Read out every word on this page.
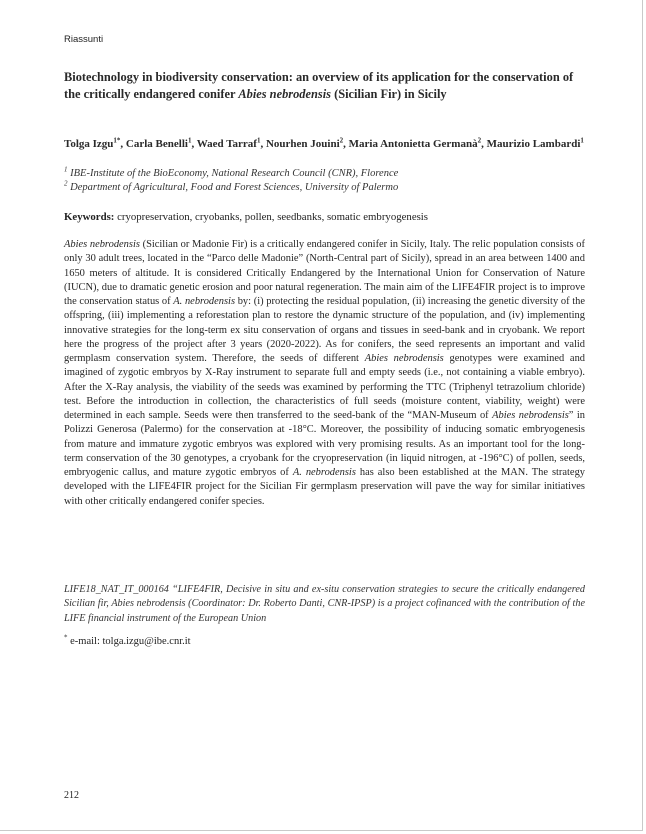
Riassunti
Biotechnology in biodiversity conservation: an overview of its application for the conservation of the critically endangered conifer Abies nebrodensis (Sicilian Fir) in Sicily

Tolga Izgu$^{1*}$, Carla Benelli$^1$, Waed Tarraf$^1$, Nourhen Jouini$^2$, Maria Antonietta Germanà$^2$, Maurizio Lambardi$^1$

$^1$ IBE-Institute of the BioEconomy, National Research Council (CNR), Florence

$^2$ Department of Agricultural, Food and Forest Sciences, University of Palermo

Keywords: cryopreservation, cryobanks, pollen, seedbanks, somatic embryogenesis

Abies nebrodensis (Sicilian or Madonie Fir) is a critically endangered conifer in Sicily, Italy. The relic population consists of only 30 adult trees, located in the “Parco delle Madonie” (North-Central part of Sicily), spread in an area between 1400 and 1650 meters of altitude. It is considered Critically Endangered by the International Union for Conservation of Nature (IUCN), due to dramatic genetic erosion and poor natural regeneration. The main aim of the LIFE4FIR project is to improve the conservation status of A. nebrodensis by: (i) protecting the residual population, (ii) increasing the genetic diversity of the offspring, (iii) implementing a reforestation plan to restore the dynamic structure of the population, and (iv) implementing innovative strategies for the long-term ex situ conservation of organs and tissues in seed-bank and in cryobank. We report here the progress of the project after 3 years (2020-2022). As for conifers, the seed represents an important and valid germplasm conservation system. Therefore, the seeds of different Abies nebrodensis genotypes were examined and imagined of zygotic embryos by X-Ray instrument to separate full and empty seeds (i.e., not containing a viable embryo). After the X-Ray analysis, the viability of the seeds was examined by performing the TTC (Triphenyl tetrazolium chloride) test. Before the introduction in collection, the characteristics of full seeds (moisture content, viability, weight) were determined in each sample. Seeds were then transferred to the seed-bank of the “MAN-Museum of Abies nebrodensis” in Polizzi Generosa (Palermo) for the conservation at -18°C. Moreover, the possibility of inducing somatic embryogenesis from mature and immature zygotic embryos was explored with very promising results. As an important tool for the long-term conservation of the 30 genotypes, a cryobank for the cryopreservation (in liquid nitrogen, at -196°C) of pollen, seeds, embryogenic callus, and mature zygotic embryos of A. nebrodensis has also been established at the MAN. The strategy developed with the LIFE4FIR project for the Sicilian Fir germplasm preservation will pave the way for similar initiatives with other critically endangered conifer species.

LIFE18_NAT_IT_000164 “LIFE4FIR, Decisive in situ and ex-situ conservation strategies to secure the critically endangered Sicilian fir, Abies nebrodensis (Coordinator: Dr. Roberto Danti, CNR-IPSP) is a project cofinanced with the contribution of the LIFE financial instrument of the European Union

* e-mail: tolga.izgu@ibe.cnr.it

212
